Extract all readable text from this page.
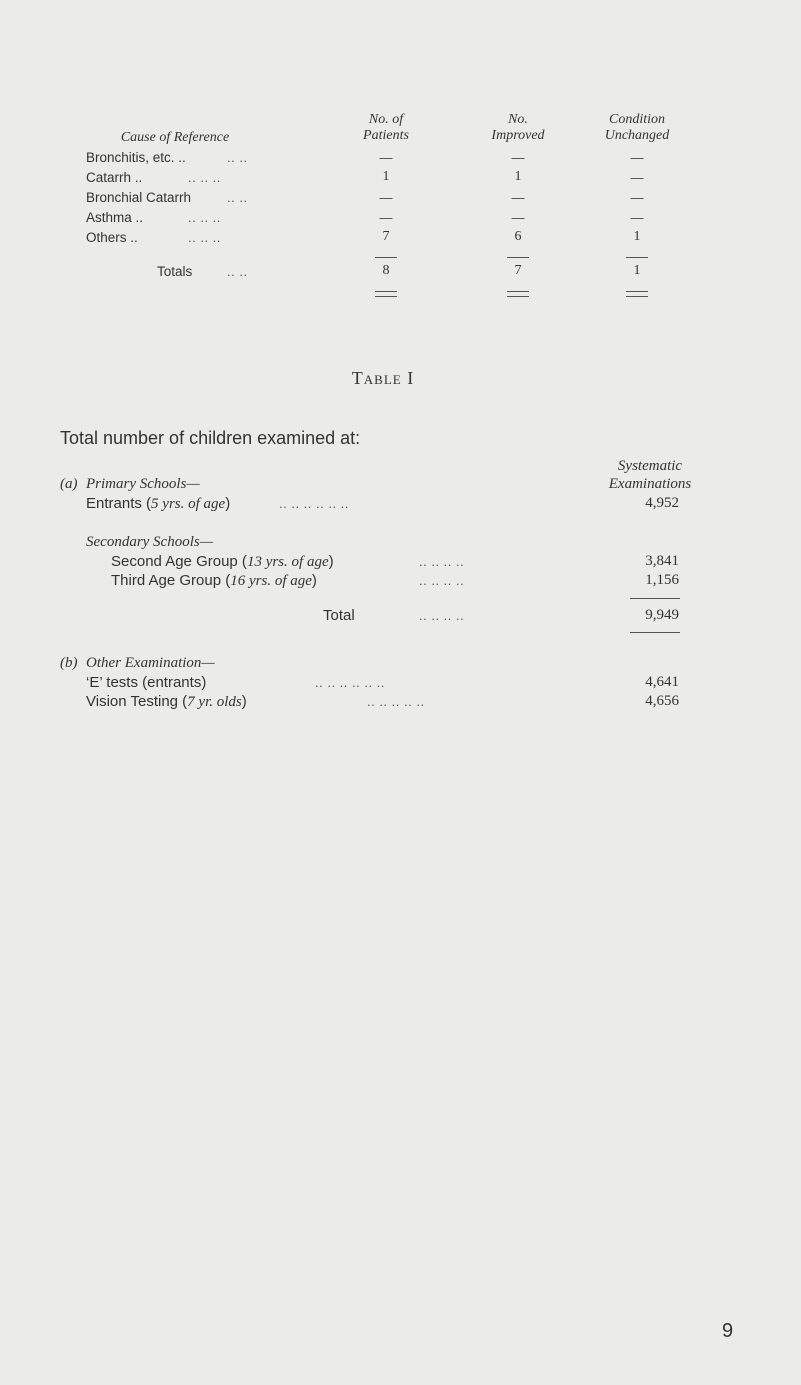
Cause of Reference
No. of
Patients
No.
Improved
Condition
Unchanged
Bronchitis, etc. ..	.. ..	—	—	—
Catarrh ..	.. .. ..	1	1	—
Bronchial Catarrh	.. ..	—	—	—
Asthma ..	.. .. ..	—	—	—
Others ..	.. .. ..	7	6	1
Totals	.. ..	8	7	1
Table I
Total number of children examined at:
Systematic
Examinations
(a) Primary Schools—
Entrants (5 yrs. of age)	.. .. .. .. .. ..	4,952
Secondary Schools—
Second Age Group (13 yrs. of age)	.. .. .. ..	3,841
Third Age Group (16 yrs. of age)	.. .. .. ..	1,156
Total	.. .. .. ..	9,949
(b) Other Examination—
‘E’ tests (entrants)	.. .. .. .. .. ..	4,641
Vision Testing (7 yr. olds)	.. .. .. .. ..	4,656
9
